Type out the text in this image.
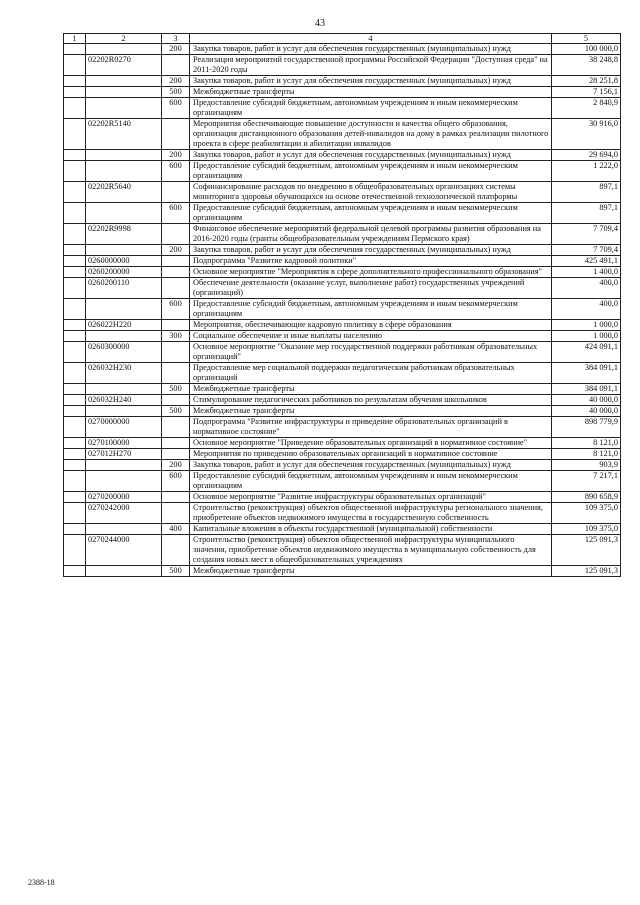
43
1	2	3	4	5
		200	Закупка товаров, работ и услуг для обеспечения государственных (муниципальных) нужд	100 000,0
	02202R0270		Реализация мероприятий государственной программы Российской Федерации "Доступная среда" на 2011-2020 годы	38 248,8
		200	Закупка товаров, работ и услуг для обеспечения государственных (муниципальных) нужд	28 251,8
		500	Межбюджетные трансферты	7 156,1
		600	Предоставление субсидий бюджетным, автономным учреждениям и иным некоммерческим организациям	2 840,9
	02202R5140		Мероприятия обеспечивающие повышение доступности и качества общего образования, организация дистанционного образования детей-инвалидов на дому в рамках реализации пилотного проекта в сфере реабилитации и абилитации инвалидов	30 916,0
		200	Закупка товаров, работ и услуг для обеспечения государственных (муниципальных) нужд	29 694,0
		600	Предоставление субсидий бюджетным, автономным учреждениям и иным некоммерческим организациям	1 222,0
	02202R5640		Софинансирование расходов по внедрению в общеобразовательных организациях системы мониторинга здоровья обучающихся на основе отечественной технологической платформы	897,1
		600	Предоставление субсидий бюджетным, автономным учреждениям и иным некоммерческим организациям	897,1
	02202R9998		Финансовое обеспечение мероприятий федеральной целевой программы развития образования на 2016-2020 годы (гранты общеобразовательным учреждениям Пермского края)	7 709,4
		200	Закупка товаров, работ и услуг для обеспечения государственных (муниципальных) нужд	7 709,4
	0260000000		Подпрограмма "Развитие кадровой политики"	425 491,1
	0260200000		Основное мероприятие "Мероприятия в сфере дополнительного профессионального образования"	1 400,0
	0260200110		Обеспечение деятельности (оказание услуг, выполнение работ) государственных учреждений (организаций)	400,0
		600	Предоставление субсидий бюджетным, автономным учреждениям и иным некоммерческим организациям	400,0
	026022Н220		Мероприятия, обеспечивающие кадровую политику в сфере образования	1 000,0
		300	Социальное обеспечение и иные выплаты населению	1 000,0
	0260300000		Основное мероприятие "Оказание мер государственной поддержки работникам образовательных организаций"	424 091,1
	026032Н230		Предоставление мер социальной поддержки педагогическим работникам образовательных организаций	384 091,1
		500	Межбюджетные трансферты	384 091,1
	026032Н240		Стимулирование педагогических работников по результатам обучения школьников	40 000,0
		500	Межбюджетные трансферты	40 000,0
	0270000000		Подпрограмма "Развитие инфраструктуры и приведение образовательных организаций в нормативное состояние"	898 779,9
	0270100000		Основное мероприятие "Приведение образовательных организаций в нормативное состояние"	8 121,0
	027012Н270		Мероприятия по приведению образовательных организаций в нормативное состояние	8 121,0
		200	Закупка товаров, работ и услуг для обеспечения государственных (муниципальных) нужд	903,9
		600	Предоставление субсидий бюджетным, автономным учреждениям и иным некоммерческим организациям	7 217,1
	0270200000		Основное мероприятие "Развитие инфраструктуры образовательных организаций"	890 658,9
	0270242000		Строительство (реконструкция) объектов общественной инфраструктуры регионального значения, приобретение объектов недвижимого имущества в государственную собственность	109 375,0
		400	Капитальные вложения в объекты государственной (муниципальной) собственности	109 375,0
	0270244000		Строительство (реконструкция) объектов общественной инфраструктуры муниципального значения, приобретение объектов недвижимого имущества в муниципальную собственность для создания новых мест в общеобразовательных учреждениях	125 091,3
		500	Межбюджетные трансферты	125 091,3
2388-18
